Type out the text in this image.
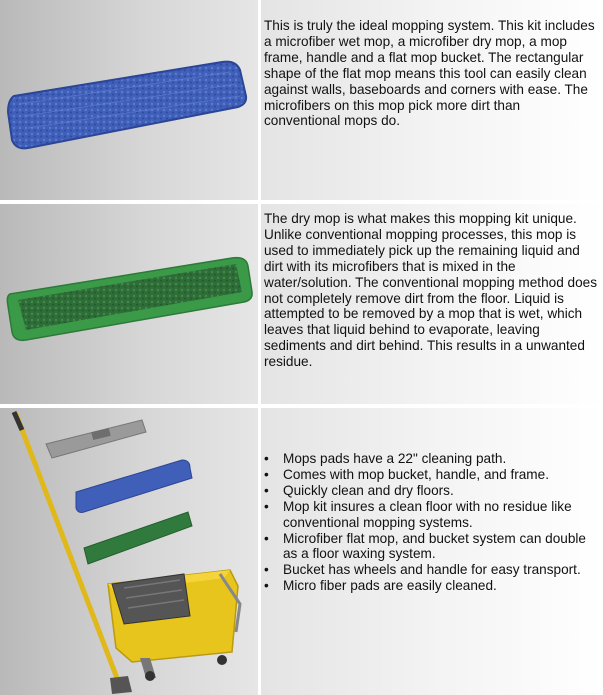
This is truly the ideal mopping system. This kit includes a microfiber wet mop, a microfiber dry mop, a mop frame, handle and a flat mop bucket. The rectangular shape of the flat mop means this tool can easily clean against walls, baseboards and corners with ease. The microfibers on this mop pick more dirt than conventional mops do.

The dry mop is what makes this mopping kit unique. Unlike conventional mopping processes, this mop is used to immediately pick up the remaining liquid and dirt with its microfibers that is mixed in the water/solution. The conventional mopping method does not completely remove dirt from the floor. Liquid is attempted to be removed by a mop that is wet, which leaves that liquid behind to evaporate, leaving sediments and dirt behind. This results in a unwanted residue.

•	Mops pads have a 22" cleaning path.
•	Comes with mop bucket, handle, and frame.
•	Quickly clean and dry floors.
•	Mop kit insures a clean floor with no residue like conventional mopping systems.
•	Microfiber flat mop, and bucket system can double as a floor waxing system.
•	Bucket has wheels and handle for easy transport.
•	Micro fiber pads are easily cleaned.
